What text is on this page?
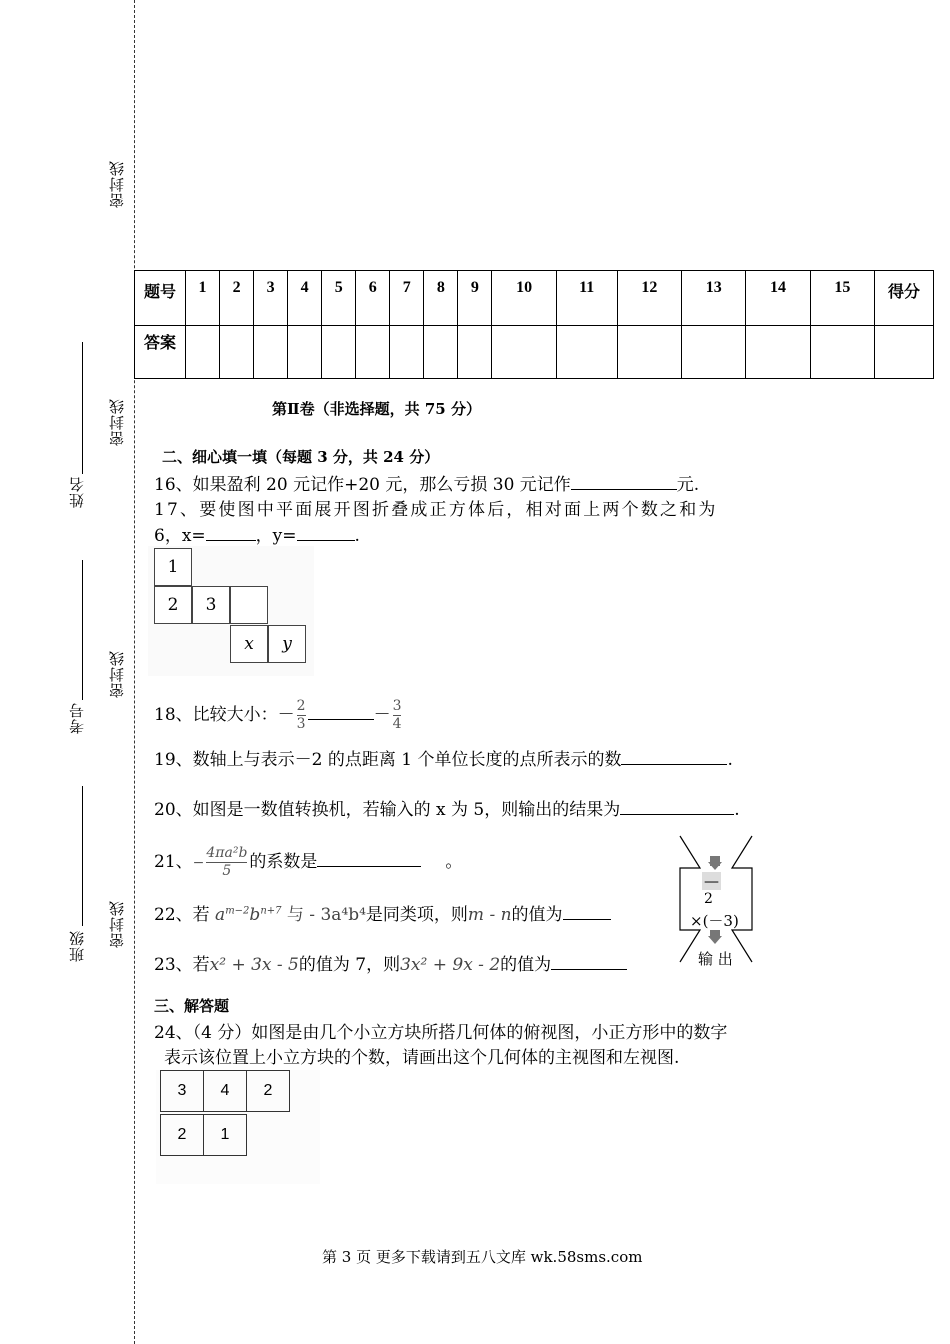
密封线
密封线
密封线
密封线
姓名
考号
班级
题号	1	2	3	4	5	6	7	8	9	10	11	12	13	14	15	得分
答案																
第Ⅱ卷（非选择题，共 75 分）
二、细心填一填（每题 3 分，共 24 分）
16、如果盈利 20 元记作+20 元，那么亏损 30 元记作	元.
17、要使图中平面展开图折叠成正方体后，相对面上两个数之和为
6，x=	，y=	.
1
2	3
x	y
18、比较大小：－ $\frac{2}{3}$	－ $\frac{3}{4}$
19、数轴上与表示－2 的点距离 1 个单位长度的点所表示的数	.
20、如图是一数值转换机，若输入的 x 为 5，则输出的结果为	.
21、− $\frac{\text{4πa²b}}{5}$ 的系数是	。
22、若 $a^{m-2}b^{n+7}$ 与 - 3a⁴b⁴是同类项，则m - n的值为
23、若x² + 3x - 5的值为 7，则3x² + 9x - 2的值为
—
2
×(－3)
输 出
三、解答题
24、（4 分）如图是由几个小立方块所搭几何体的俯视图，小正方形中的数字
表示该位置上小立方块的个数，请画出这个几何体的主视图和左视图.
3	4	2
2	1
第 3 页 更多下载请到五八文库 wk.58sms.com
